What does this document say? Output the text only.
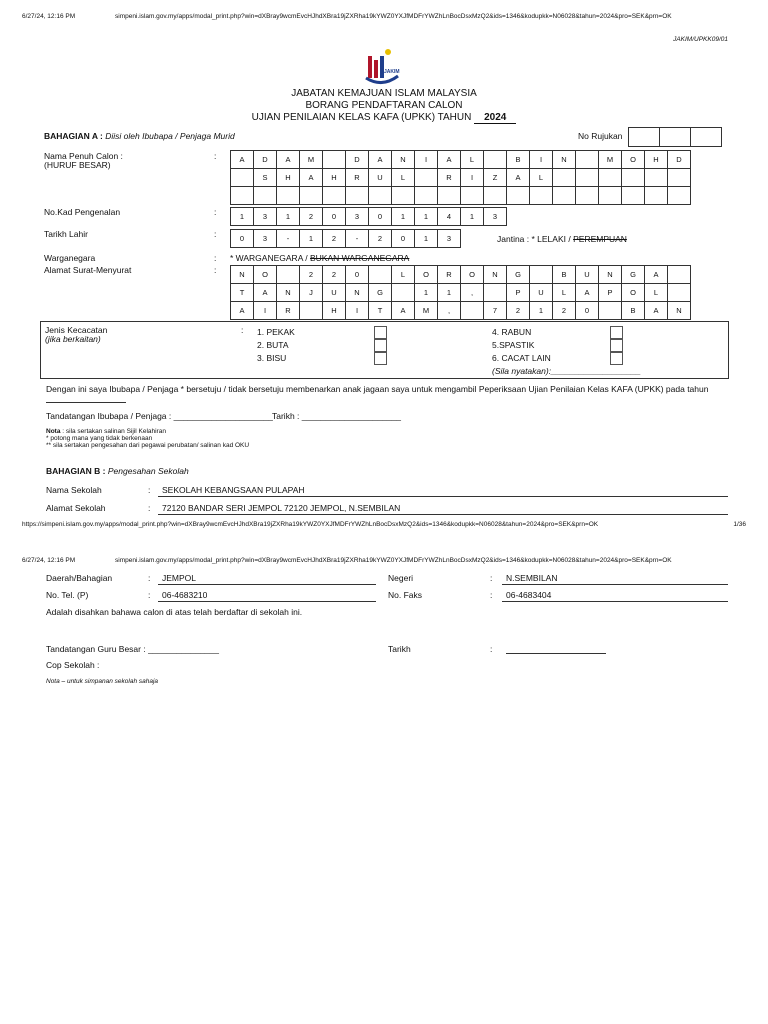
6/27/24, 12:16 PM	simpeni.islam.gov.my/apps/modal_print.php?win=dXBray9wcmEvcHJhdXBra19jZXRha19kYWZ0YXJfMDFrYWZhLnBocDsxMzQ2&ids=1346&kodupkk=N06028&tahun=2024&pro=SEK&prn=OK
JAKIM/UPKK09/01
JAKIM
JABATAN KEMAJUAN ISLAM MALAYSIA
BORANG PENDAFTARAN CALON
UJIAN PENILAIAN KELAS KAFA (UPKK) TAHUN 2024
BAHAGIAN A : Diisi oleh Ibubapa / Penjaga Murid	No Rujukan

Nama Penuh Calon :
(HURUF BESAR)
:	A	D	A	M		D	A	N	I	A	L		B	I	N		M	O	H	D
	S	H	A	H	R	U	L		R	I	Z	A	L						

No.Kad Pengenalan	:	1	3	1	2	0	3	0	1	1	4	1	3
Tarikh Lahir	:	0	3	-	1	2	-	2	0	1	3	Jantina : * LELAKI / PEREMPUAN
Warganegara	: * WARGANEGARA / BUKAN WARGANEGARA
Alamat Surat-Menyurat	:	N	O		2	2	0		L	O	R	O	N	G		B	U	N	G	A	
T	A	N	J	U	N	G		1	1	,		P	U	L	A	P	O	L	
A	I	R		H	I	T	A	M	,		7	2	1	2	0		B	A	N
Jenis Kecacatan
(jika berkaitan)
: 1. PEKAK
2. BUTA
3. BISU
4. RABUN
5.SPASTIK
6. CACAT LAIN
(Sila nyatakan):___________________
Dengan ini saya Ibubapa / Penjaga * bersetuju / tidak bersetuju membenarkan anak jagaan saya untuk mengambil Peperiksaan Ujian Penilaian Kelas KAFA (UPKK) pada tahun
Tandatangan Ibubapa / Penjaga : _____________________ Tarikh : _____________________
Nota : sila sertakan salinan Sijil Kelahiran
* potong mana yang tidak berkenaan
** sila sertakan pengesahan dari pegawai perubatan/ salinan kad OKU
BAHAGIAN B : Pengesahan Sekolah
Nama Sekolah	: SEKOLAH KEBANGSAAN PULAPAH
Alamat Sekolah	: 72120 BANDAR SERI JEMPOL 72120 JEMPOL, N.SEMBILAN
https://simpeni.islam.gov.my/apps/modal_print.php?win=dXBray9wcmEvcHJhdXBra19jZXRha19kYWZ0YXJfMDFrYWZhLnBocDsxMzQ2&ids=1346&kodupkk=N06028&tahun=2024&pro=SEK&prn=OK	1/36
6/27/24, 12:16 PM	simpeni.islam.gov.my/apps/modal_print.php?win=dXBray9wcmEvcHJhdXBra19jZXRha19kYWZ0YXJfMDFrYWZhLnBocDsxMzQ2&ids=1346&kodupkk=N06028&tahun=2024&pro=SEK&prn=OK
Daerah/Bahagian	: JEMPOL	Negeri	: N.SEMBILAN
No. Tel. (P)	: 06-4683210	No. Faks	: 06-4683404
Adalah disahkan bahawa calon di atas telah berdaftar di sekolah ini.
Tandatangan Guru Besar : _______________	Tarikh	:
Cop Sekolah :
Nota – untuk simpanan sekolah sahaja
